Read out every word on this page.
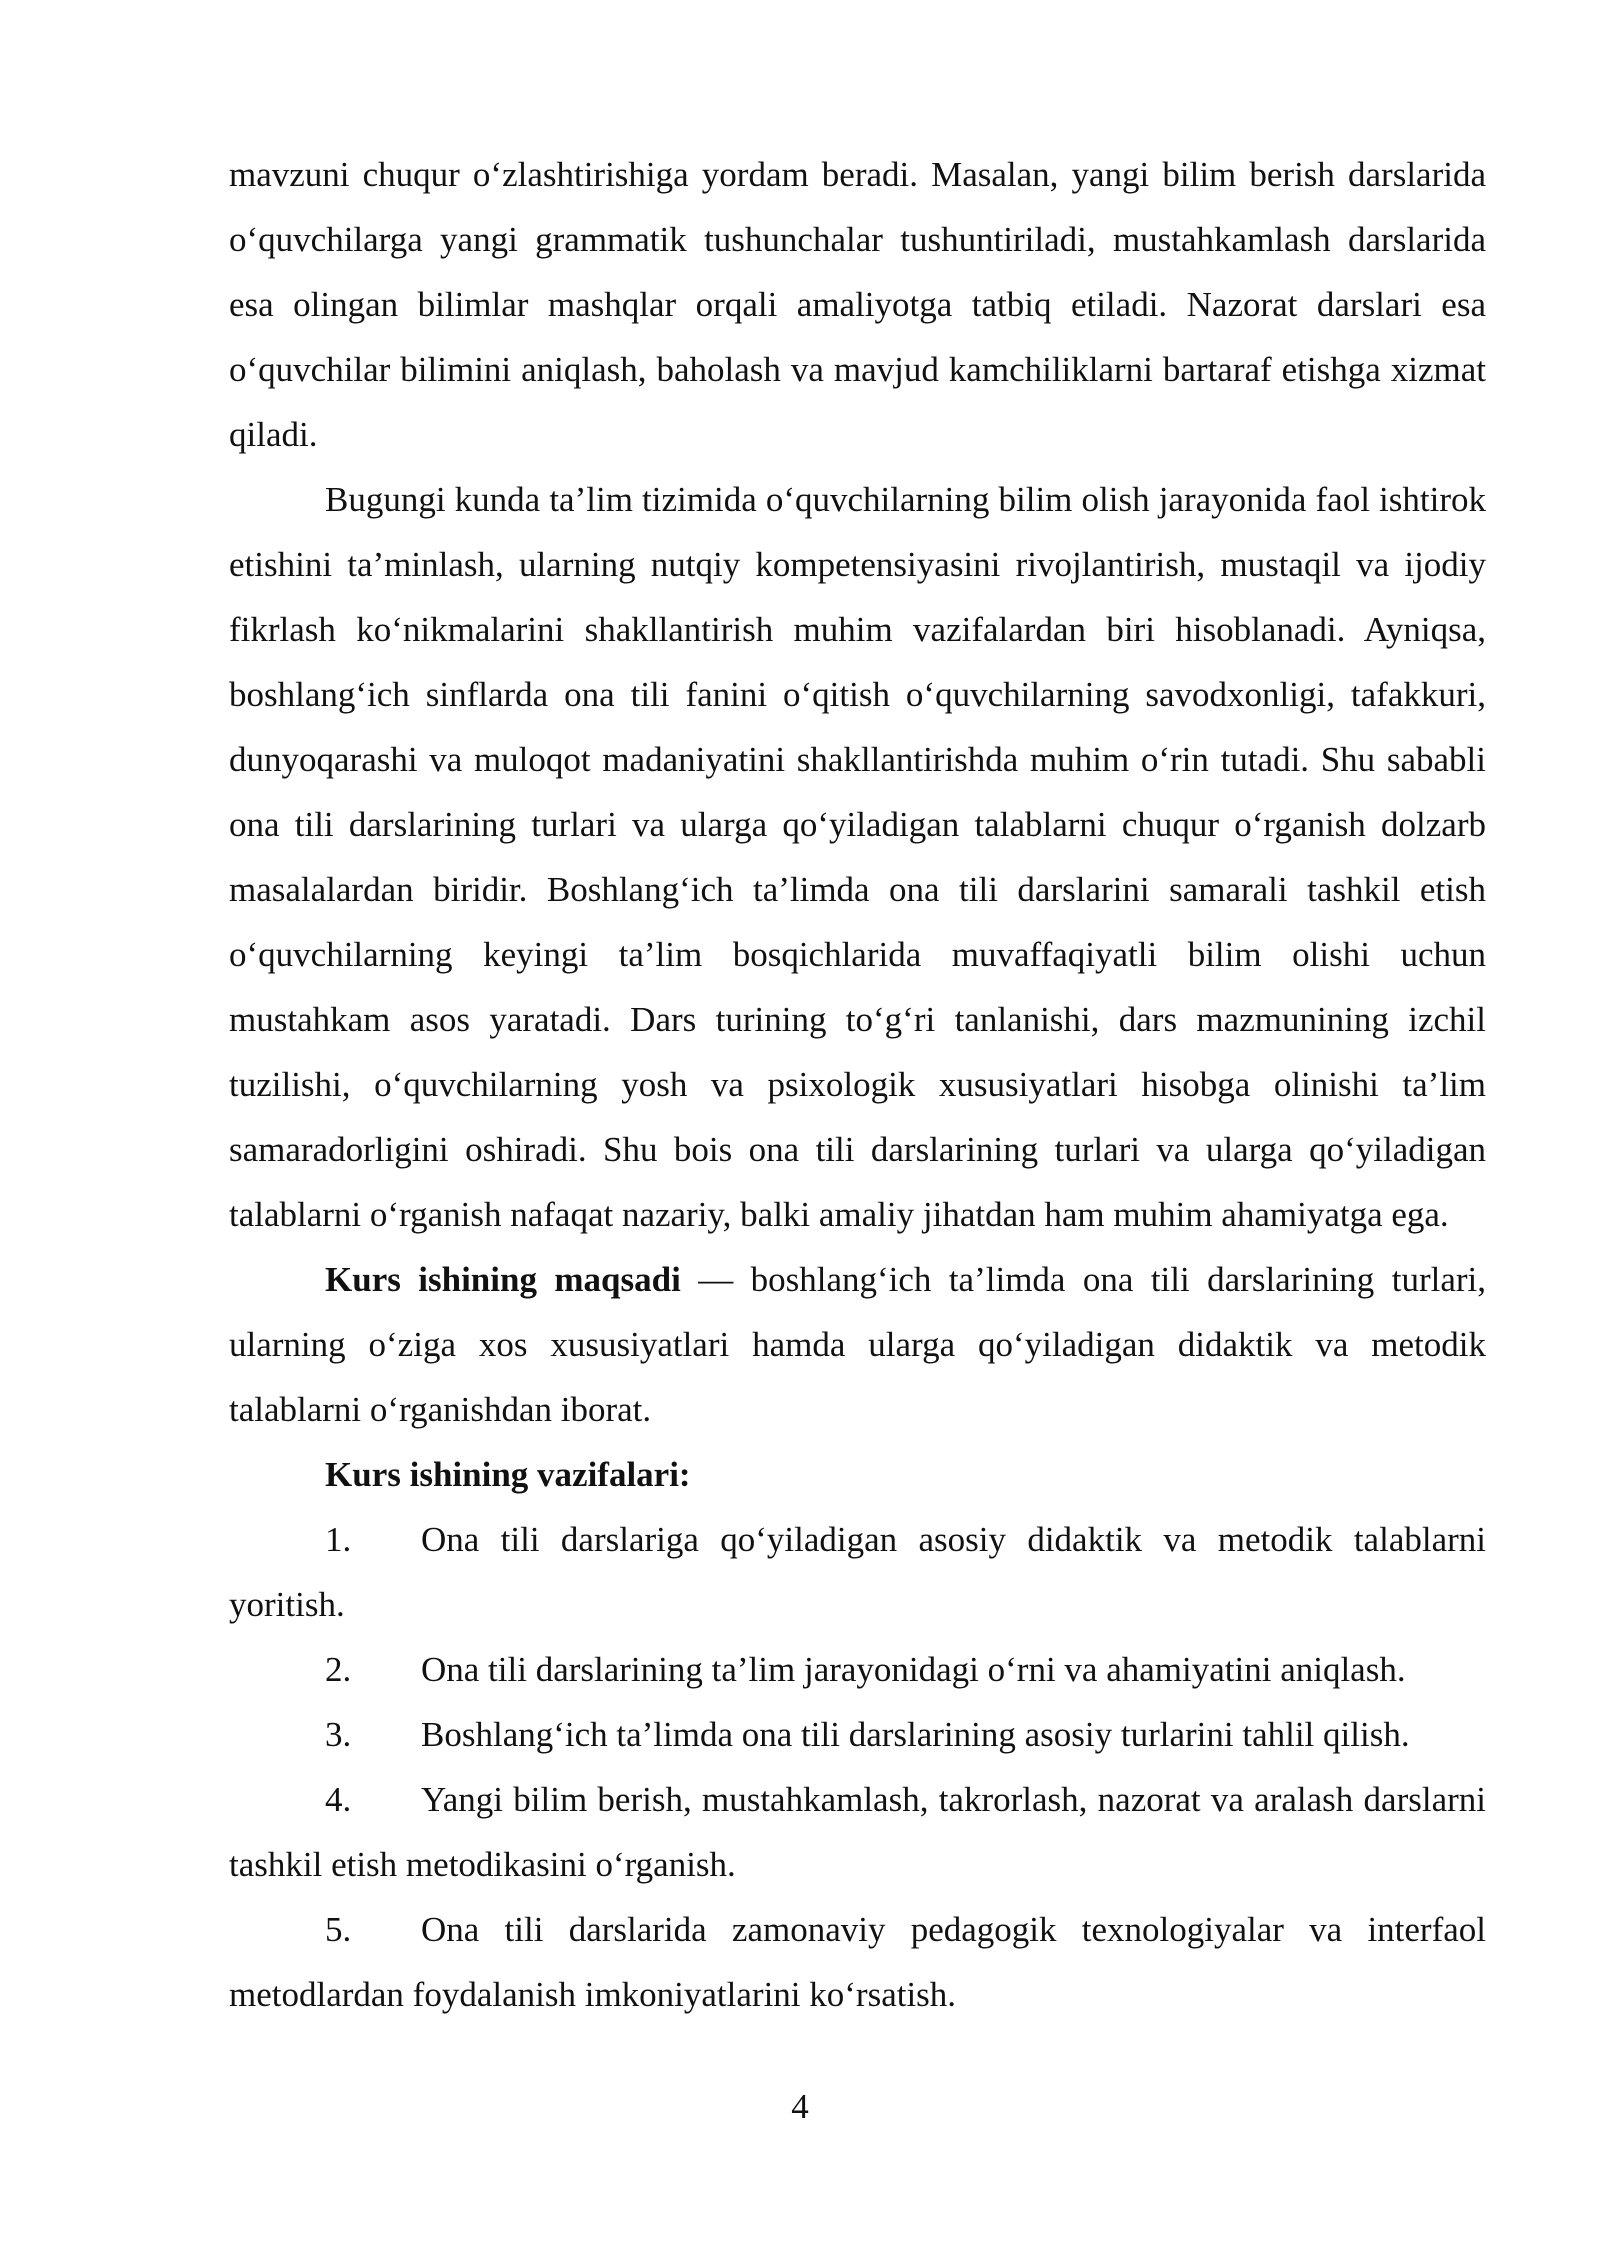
mavzuni chuqur o‘zlashtirishiga yordam beradi. Masalan, yangi bilim berish darslarida o‘quvchilarga yangi grammatik tushunchalar tushuntiriladi, mustahkamlash darslarida esa olingan bilimlar mashqlar orqali amaliyotga tatbiq etiladi. Nazorat darslari esa o‘quvchilar bilimini aniqlash, baholash va mavjud kamchiliklarni bartaraf etishga xizmat qiladi.

Bugungi kunda ta’lim tizimida o‘quvchilarning bilim olish jarayonida faol ishtirok etishini ta’minlash, ularning nutqiy kompetensiyasini rivojlantirish, mustaqil va ijodiy fikrlash ko‘nikmalarini shakllantirish muhim vazifalardan biri hisoblanadi. Ayniqsa, boshlang‘ich sinflarda ona tili fanini o‘qitish o‘quvchilarning savodxonligi, tafakkuri, dunyoqarashi va muloqot madaniyatini shakllantirishda muhim o‘rin tutadi. Shu sababli ona tili darslarining turlari va ularga qo‘yiladigan talablarni chuqur o‘rganish dolzarb masalalardan biridir. Boshlang‘ich ta’limda ona tili darslarini samarali tashkil etish o‘quvchilarning keyingi ta’lim bosqichlarida muvaffaqiyatli bilim olishi uchun mustahkam asos yaratadi. Dars turining to‘g‘ri tanlanishi, dars mazmunining izchil tuzilishi, o‘quvchilarning yosh va psixologik xususiyatlari hisobga olinishi ta’lim samaradorligini oshiradi. Shu bois ona tili darslarining turlari va ularga qo‘yiladigan talablarni o‘rganish nafaqat nazariy, balki amaliy jihatdan ham muhim ahamiyatga ega.

Kurs ishining maqsadi — boshlang‘ich ta’limda ona tili darslarining turlari, ularning o‘ziga xos xususiyatlari hamda ularga qo‘yiladigan didaktik va metodik talablarni o‘rganishdan iborat.

Kurs ishining vazifalari:

1. Ona tili darslariga qo‘yiladigan asosiy didaktik va metodik talablarni yoritish.

2. Ona tili darslarining ta’lim jarayonidagi o‘rni va ahamiyatini aniqlash.

3. Boshlang‘ich ta’limda ona tili darslarining asosiy turlarini tahlil qilish.

4. Yangi bilim berish, mustahkamlash, takrorlash, nazorat va aralash darslarni tashkil etish metodikasini o‘rganish.

5. Ona tili darslarida zamonaviy pedagogik texnologiyalar va interfaol metodlardan foydalanish imkoniyatlarini ko‘rsatish.

4
